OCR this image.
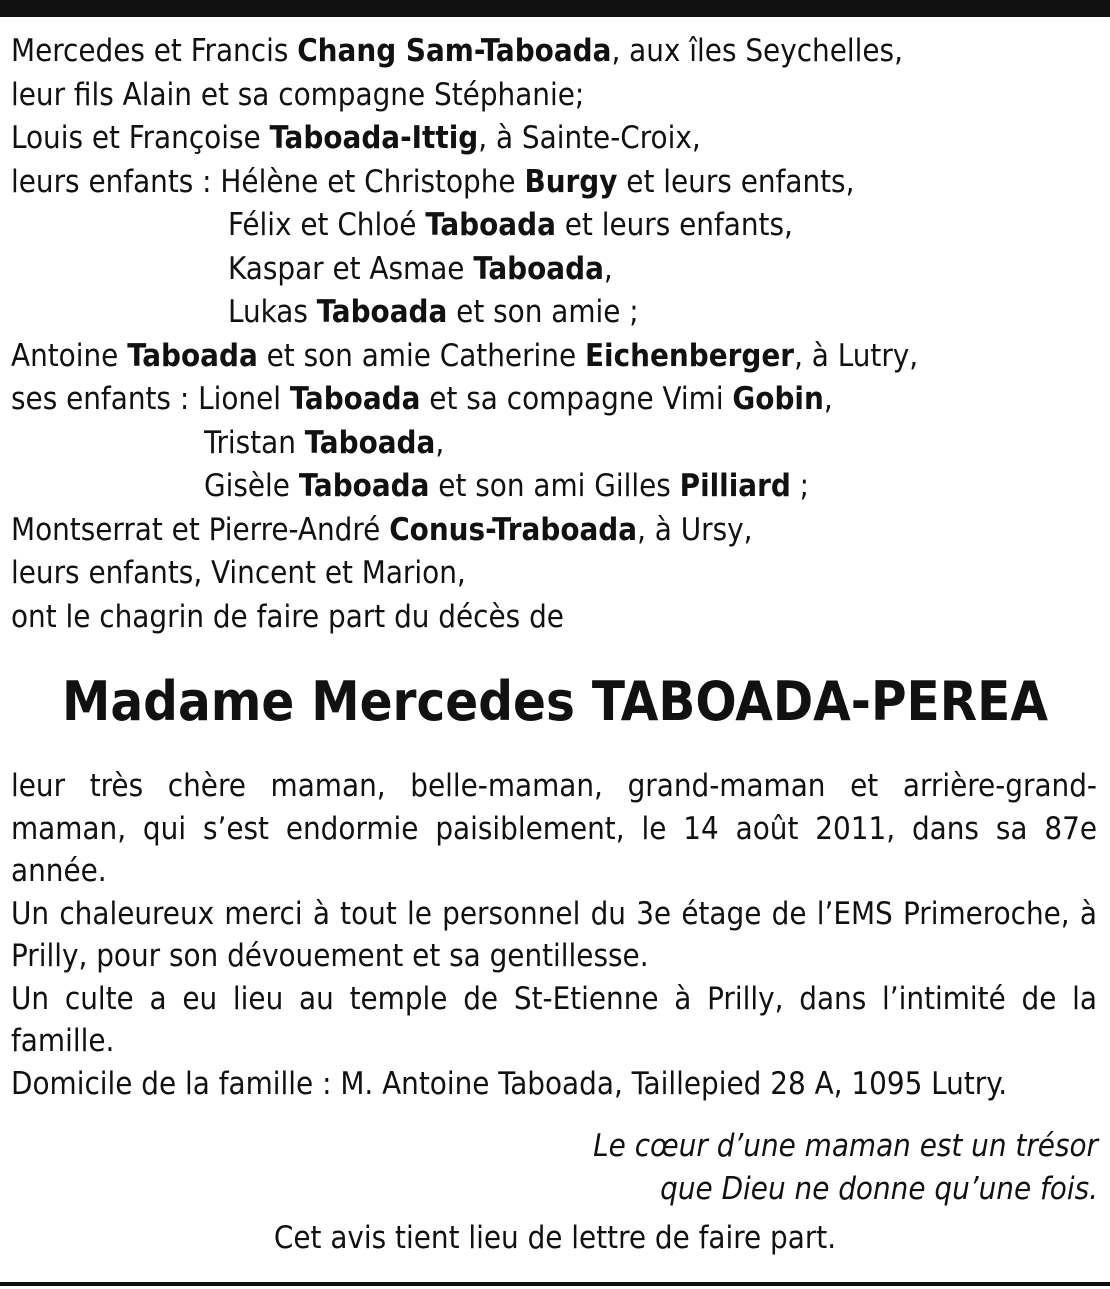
Mercedes et Francis Chang Sam-Taboada, aux îles Seychelles,
leur fils Alain et sa compagne Stéphanie;
Louis et Françoise Taboada-Ittig, à Sainte-Croix,
leurs enfants : Hélène et Christophe Burgy et leurs enfants,
Félix et Chloé Taboada et leurs enfants,
Kaspar et Asmae Taboada,
Lukas Taboada et son amie ;
Antoine Taboada et son amie Catherine Eichenberger, à Lutry,
ses enfants : Lionel Taboada et sa compagne Vimi Gobin,
Tristan Taboada,
Gisèle Taboada et son ami Gilles Pilliard ;
Montserrat et Pierre-André Conus-Traboada, à Ursy,
leurs enfants, Vincent et Marion,
ont le chagrin de faire part du décès de
Madame Mercedes TABOADA-PEREA

leur très chère maman, belle-maman, grand-maman et arrière-grand-maman, qui s’est endormie paisiblement, le 14 août 2011, dans sa 87e année.

Un chaleureux merci à tout le personnel du 3e étage de l’EMS Primeroche, à Prilly, pour son dévouement et sa gentillesse.

Un culte a eu lieu au temple de St-Etienne à Prilly, dans l’intimité de la famille.

Domicile de la famille : M. Antoine Taboada, Taillepied 28 A, 1095 Lutry.

Le cœur d’une maman est un trésor
que Dieu ne donne qu’une fois.
Cet avis tient lieu de lettre de faire part.
